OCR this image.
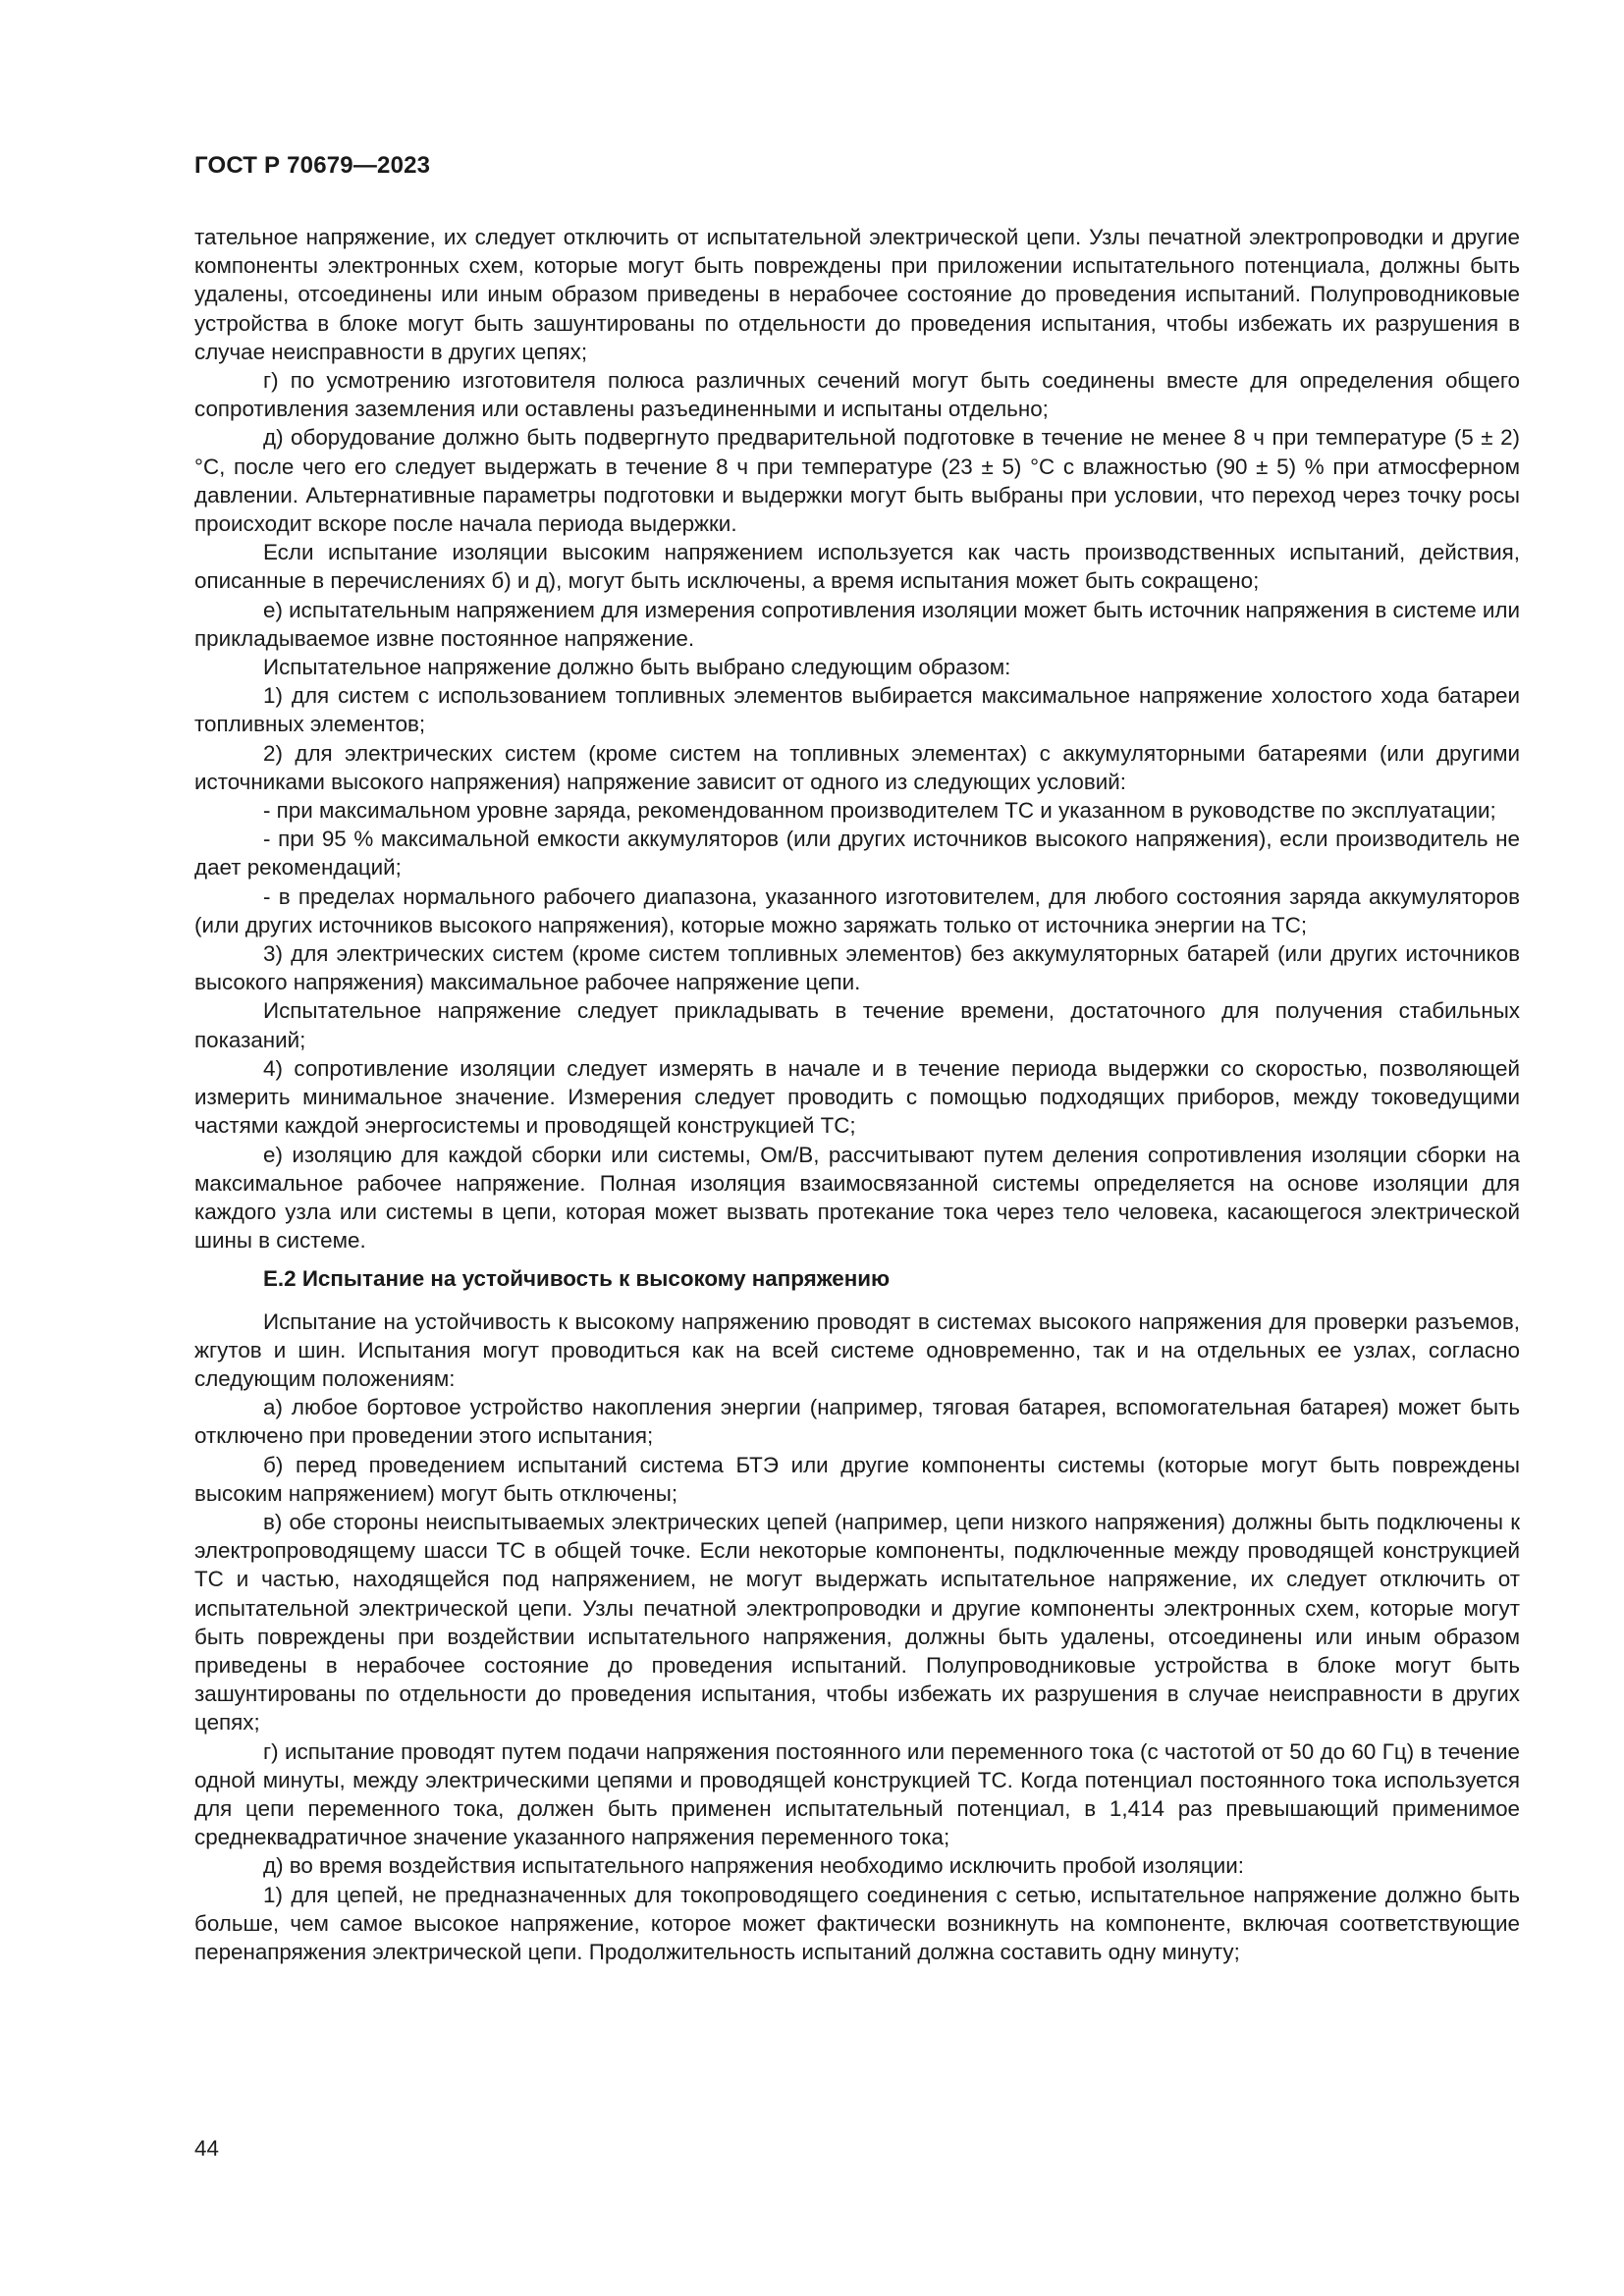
ГОСТ Р 70679—2023

тательное напряжение, их следует отключить от испытательной электрической цепи. Узлы печатной электропроводки и другие компоненты электронных схем, которые могут быть повреждены при приложении испытательного потенциала, должны быть удалены, отсоединены или иным образом приведены в нерабочее состояние до проведения испытаний. Полупроводниковые устройства в блоке могут быть зашунтированы по отдельности до проведения испытания, чтобы избежать их разрушения в случае неисправности в других цепях;

г) по усмотрению изготовителя полюса различных сечений могут быть соединены вместе для определения общего сопротивления заземления или оставлены разъединенными и испытаны отдельно;

д) оборудование должно быть подвергнуто предварительной подготовке в течение не менее 8 ч при температуре (5 ± 2) °C, после чего его следует выдержать в течение 8 ч при температуре (23 ± 5) °C с влажностью (90 ± 5) % при атмосферном давлении. Альтернативные параметры подготовки и выдержки могут быть выбраны при условии, что переход через точку росы происходит вскоре после начала периода выдержки.

Если испытание изоляции высоким напряжением используется как часть производственных испытаний, действия, описанные в перечислениях б) и д), могут быть исключены, а время испытания может быть сокращено;

е) испытательным напряжением для измерения сопротивления изоляции может быть источник напряжения в системе или прикладываемое извне постоянное напряжение.

Испытательное напряжение должно быть выбрано следующим образом:

1) для систем с использованием топливных элементов выбирается максимальное напряжение холостого хода батареи топливных элементов;

2) для электрических систем (кроме систем на топливных элементах) с аккумуляторными батареями (или другими источниками высокого напряжения) напряжение зависит от одного из следующих условий:

- при максимальном уровне заряда, рекомендованном производителем ТС и указанном в руководстве по эксплуатации;

- при 95 % максимальной емкости аккумуляторов (или других источников высокого напряжения), если производитель не дает рекомендаций;

- в пределах нормального рабочего диапазона, указанного изготовителем, для любого состояния заряда аккумуляторов (или других источников высокого напряжения), которые можно заряжать только от источника энергии на ТС;

3) для электрических систем (кроме систем топливных элементов) без аккумуляторных батарей (или других источников высокого напряжения) максимальное рабочее напряжение цепи.

Испытательное напряжение следует прикладывать в течение времени, достаточного для получения стабильных показаний;

4) сопротивление изоляции следует измерять в начале и в течение периода выдержки со скоростью, позволяющей измерить минимальное значение. Измерения следует проводить с помощью подходящих приборов, между токоведущими частями каждой энергосистемы и проводящей конструкцией ТС;

е) изоляцию для каждой сборки или системы, Ом/В, рассчитывают путем деления сопротивления изоляции сборки на максимальное рабочее напряжение. Полная изоляция взаимосвязанной системы определяется на основе изоляции для каждого узла или системы в цепи, которая может вызвать протекание тока через тело человека, касающегося электрической шины в системе.

Е.2 Испытание на устойчивость к высокому напряжению

Испытание на устойчивость к высокому напряжению проводят в системах высокого напряжения для проверки разъемов, жгутов и шин. Испытания могут проводиться как на всей системе одновременно, так и на отдельных ее узлах, согласно следующим положениям:

а) любое бортовое устройство накопления энергии (например, тяговая батарея, вспомогательная батарея) может быть отключено при проведении этого испытания;

б) перед проведением испытаний система БТЭ или другие компоненты системы (которые могут быть повреждены высоким напряжением) могут быть отключены;

в) обе стороны неиспытываемых электрических цепей (например, цепи низкого напряжения) должны быть подключены к электропроводящему шасси ТС в общей точке. Если некоторые компоненты, подключенные между проводящей конструкцией ТС и частью, находящейся под напряжением, не могут выдержать испытательное напряжение, их следует отключить от испытательной электрической цепи. Узлы печатной электропроводки и другие компоненты электронных схем, которые могут быть повреждены при воздействии испытательного напряжения, должны быть удалены, отсоединены или иным образом приведены в нерабочее состояние до проведения испытаний. Полупроводниковые устройства в блоке могут быть зашунтированы по отдельности до проведения испытания, чтобы избежать их разрушения в случае неисправности в других цепях;

г) испытание проводят путем подачи напряжения постоянного или переменного тока (с частотой от 50 до 60 Гц) в течение одной минуты, между электрическими цепями и проводящей конструкцией ТС. Когда потенциал постоянного тока используется для цепи переменного тока, должен быть применен испытательный потенциал, в 1,414 раз превышающий применимое среднеквадратичное значение указанного напряжения переменного тока;

д) во время воздействия испытательного напряжения необходимо исключить пробой изоляции:

1) для цепей, не предназначенных для токопроводящего соединения с сетью, испытательное напряжение должно быть больше, чем самое высокое напряжение, которое может фактически возникнуть на компоненте, включая соответствующие перенапряжения электрической цепи. Продолжительность испытаний должна составить одну минуту;

44
